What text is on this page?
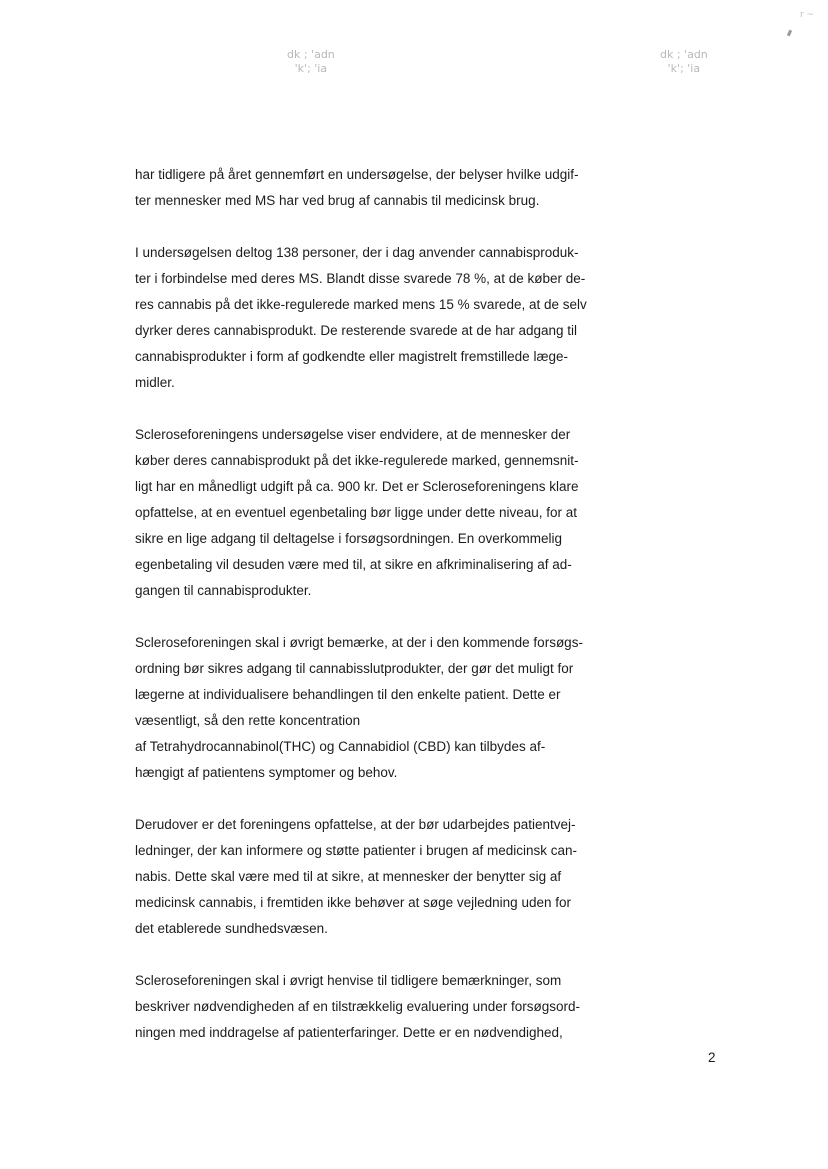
dk ; 'adn
'k'; 'ia
dk ; 'adn
'k'; 'ia
r ~

har tidligere på året gennemført en undersøgelse, der belyser hvilke udgif-
ter mennesker med MS har ved brug af cannabis til medicinsk brug.

I undersøgelsen deltog 138 personer, der i dag anvender cannabisproduk-
ter i forbindelse med deres MS. Blandt disse svarede 78 %, at de køber de-
res cannabis på det ikke-regulerede marked mens 15 % svarede, at de selv
dyrker deres cannabisprodukt. De resterende svarede at de har adgang til
cannabisprodukter i form af godkendte eller magistrelt fremstillede læge-
midler.

Scleroseforeningens undersøgelse viser endvidere, at de mennesker der
køber deres cannabisprodukt på det ikke-regulerede marked, gennemsnit-
ligt har en månedligt udgift på ca. 900 kr. Det er Scleroseforeningens klare
opfattelse, at en eventuel egenbetaling bør ligge under dette niveau, for at
sikre en lige adgang til deltagelse i forsøgsordningen. En overkommelig
egenbetaling vil desuden være med til, at sikre en afkriminalisering af ad-
gangen til cannabisprodukter.

Scleroseforeningen skal i øvrigt bemærke, at der i den kommende forsøgs-
ordning bør sikres adgang til cannabisslutprodukter, der gør det muligt for
lægerne at individualisere behandlingen til den enkelte patient. Dette er
væsentligt, så den rette koncentration
af Tetrahydrocannabinol(THC) og Cannabidiol (CBD) kan tilbydes af-
hængigt af patientens symptomer og behov.

Derudover er det foreningens opfattelse, at der bør udarbejdes patientvej-
ledninger, der kan informere og støtte patienter i brugen af medicinsk can-
nabis. Dette skal være med til at sikre, at mennesker der benytter sig af
medicinsk cannabis, i fremtiden ikke behøver at søge vejledning uden for
det etablerede sundhedsvæsen.

Scleroseforeningen skal i øvrigt henvise til tidligere bemærkninger, som
beskriver nødvendigheden af en tilstrækkelig evaluering under forsøgsord-
ningen med inddragelse af patienterfaringer. Dette er en nødvendighed,

2
